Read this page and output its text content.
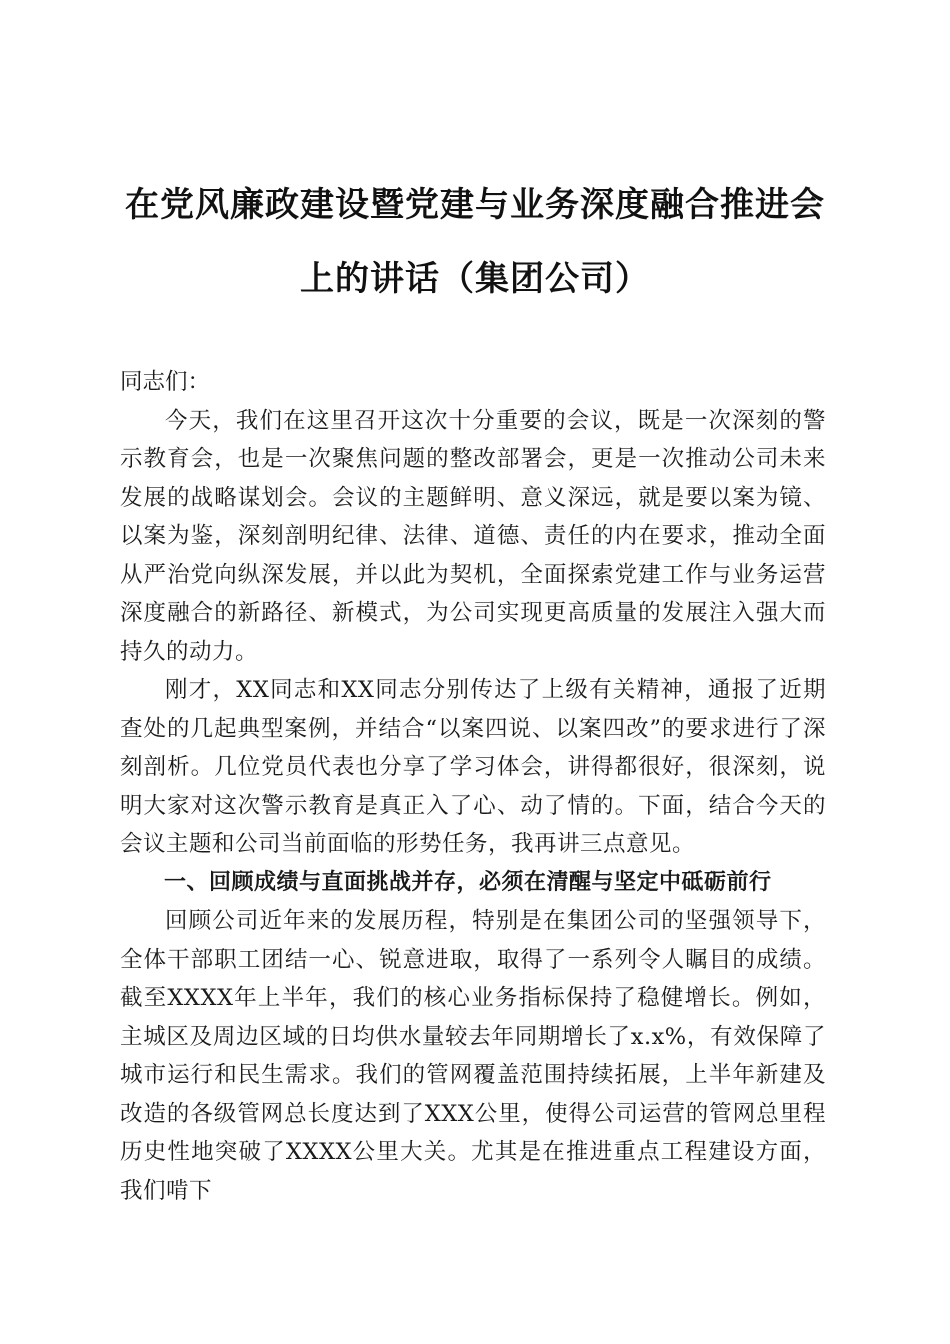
在党风廉政建设暨党建与业务深度融合推进会
上的讲话（集团公司）

同志们：

今天，我们在这里召开这次十分重要的会议，既是一次深刻的警示教育会，也是一次聚焦问题的整改部署会，更是一次推动公司未来发展的战略谋划会。会议的主题鲜明、意义深远，就是要以案为镜、以案为鉴，深刻剖明纪律、法律、道德、责任的内在要求，推动全面从严治党向纵深发展，并以此为契机，全面探索党建工作与业务运营深度融合的新路径、新模式，为公司实现更高质量的发展注入强大而持久的动力。

刚才，XX同志和XX同志分别传达了上级有关精神，通报了近期查处的几起典型案例，并结合“以案四说、以案四改”的要求进行了深刻剖析。几位党员代表也分享了学习体会，讲得都很好，很深刻，说明大家对这次警示教育是真正入了心、动了情的。下面，结合今天的会议主题和公司当前面临的形势任务，我再讲三点意见。

一、回顾成绩与直面挑战并存，必须在清醒与坚定中砥砺前行

回顾公司近年来的发展历程，特别是在集团公司的坚强领导下，全体干部职工团结一心、锐意进取，取得了一系列令人瞩目的成绩。截至XXXX年上半年，我们的核心业务指标保持了稳健增长。例如，主城区及周边区域的日均供水量较去年同期增长了x.x%，有效保障了城市运行和民生需求。我们的管网覆盖范围持续拓展，上半年新建及改造的各级管网总长度达到了XXX公里，使得公司运营的管网总里程历史性地突破了XXXX公里大关。尤其是在推进重点工程建设方面，我们啃下
